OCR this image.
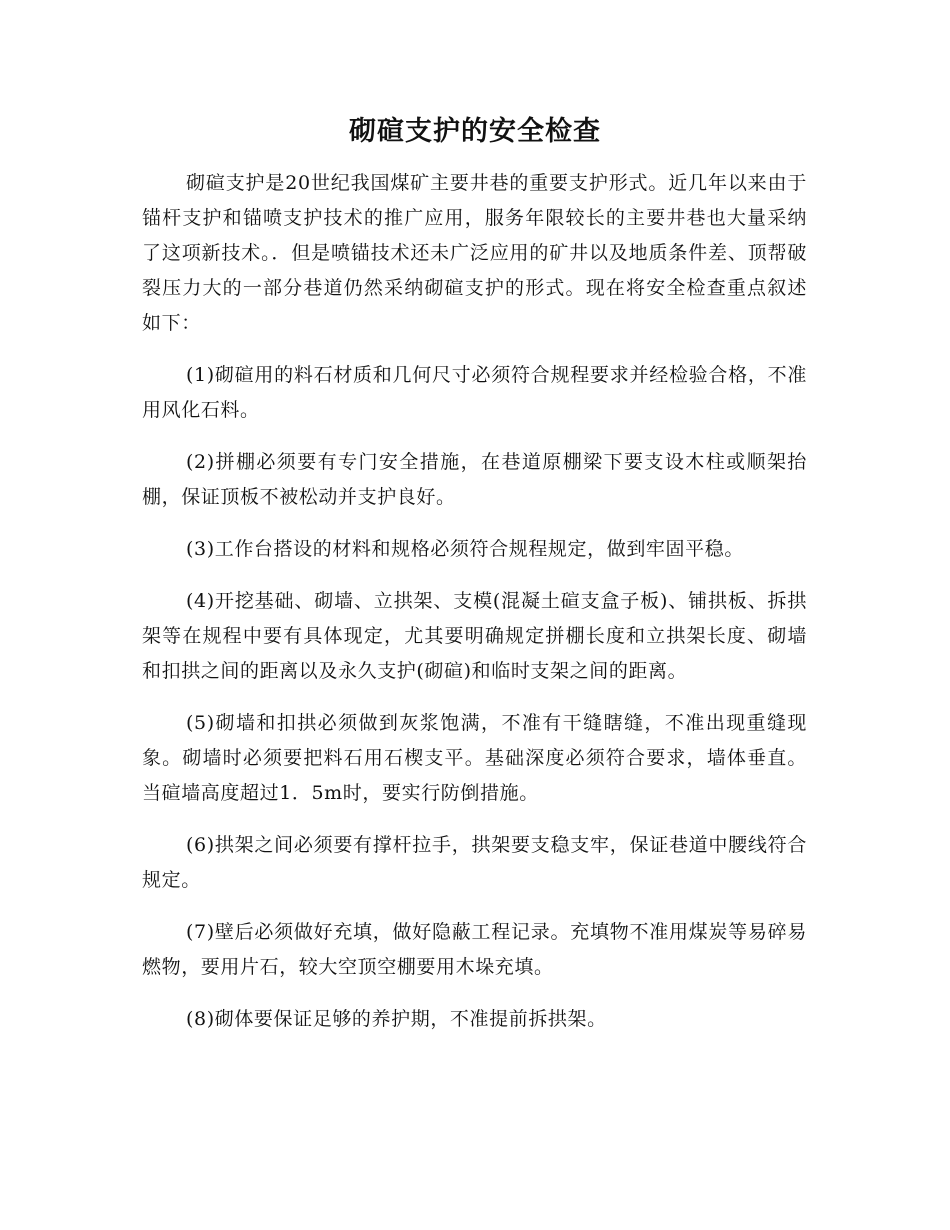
砌碹支护的安全检查

砌碹支护是20世纪我国煤矿主要井巷的重要支护形式。近几年以来由于锚杆支护和锚喷支护技术的推广应用，服务年限较长的主要井巷也大量采纳了这项新技术。．但是喷锚技术还未广泛应用的矿井以及地质条件差、顶帮破裂压力大的一部分巷道仍然采纳砌碹支护的形式。现在将安全检查重点叙述如下：

(1)砌碹用的料石材质和几何尺寸必须符合规程要求并经检验合格，不准用风化石料。

(2)拼棚必须要有专门安全措施，在巷道原棚梁下要支设木柱或顺架抬棚，保证顶板不被松动并支护良好。

(3)工作台搭设的材料和规格必须符合规程规定，做到牢固平稳。

(4)开挖基础、砌墙、立拱架、支模(混凝土碹支盒子板)、铺拱板、拆拱架等在规程中要有具体现定，尤其要明确规定拼棚长度和立拱架长度、砌墙和扣拱之间的距离以及永久支护(砌碹)和临时支架之间的距离。

(5)砌墙和扣拱必须做到灰浆饱满，不准有干缝瞎缝，不准出现重缝现象。砌墙时必须要把料石用石楔支平。基础深度必须符合要求，墙体垂直。当碹墙高度超过1．5m时，要实行防倒措施。

(6)拱架之间必须要有撑杆拉手，拱架要支稳支牢，保证巷道中腰线符合规定。

(7)壁后必须做好充填，做好隐蔽工程记录。充填物不准用煤炭等易碎易燃物，要用片石，较大空顶空棚要用木垛充填。

(8)砌体要保证足够的养护期，不准提前拆拱架。
